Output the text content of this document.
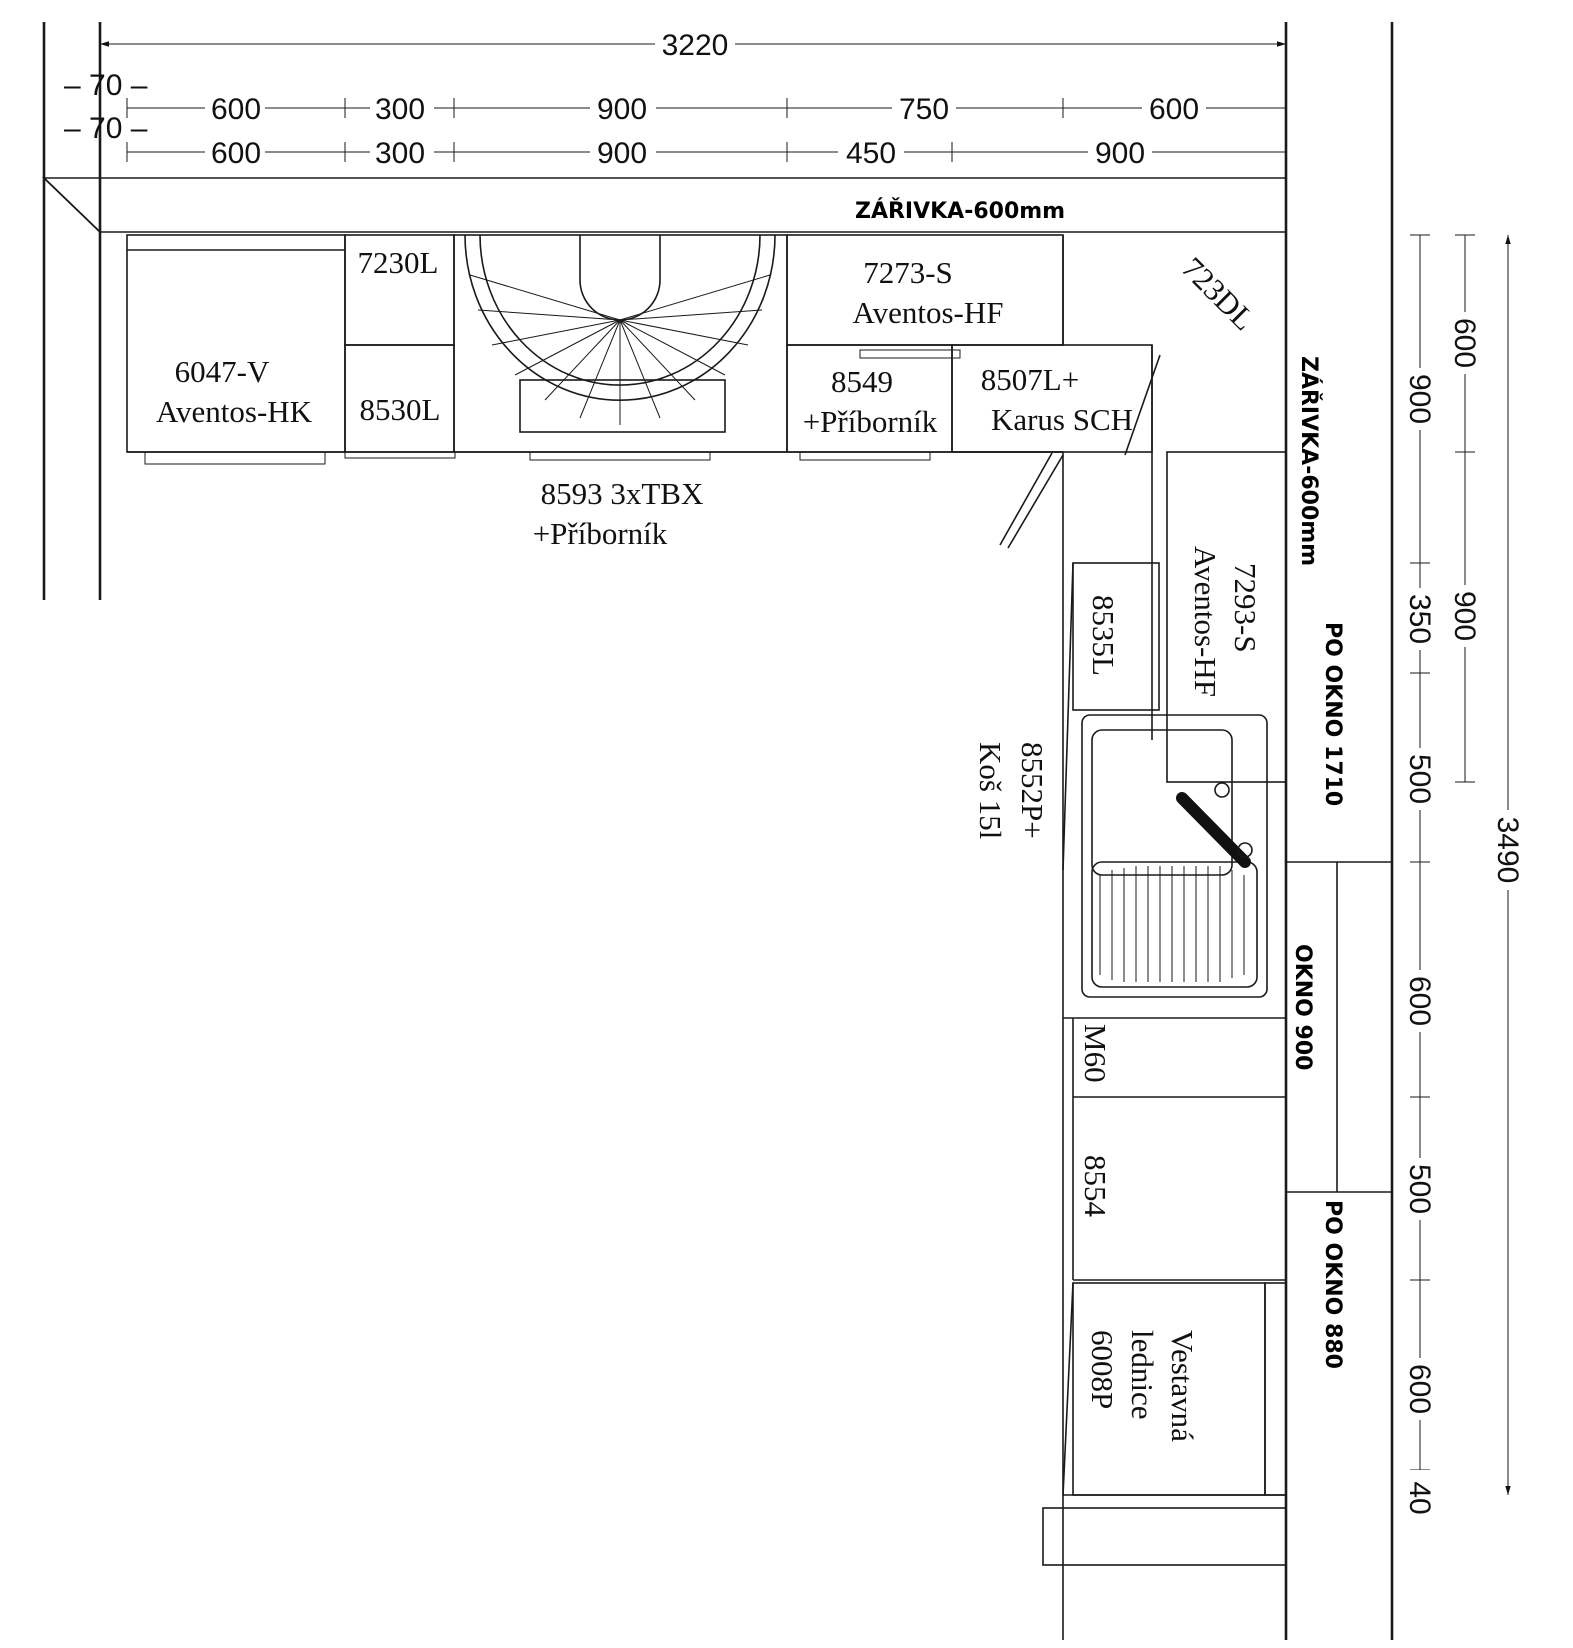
3220
– 70 –
– 70 –
600	300	900	750	600
600	300	900	450	900
600
900
900
350
500
600
500
600
40
3490
6047-V
Aventos-HK
7230L
8530L
7273-S
Aventos-HF
8549
+Příborník
8507L+
Karus SCH
723DL
8593 3xTBX
+Příborník
8535L	7293-S
Aventos-HF
8552P+
Koš 15l
M60
8554
Vestavná
lednice
6008P
ZÁŘIVKA-600mm
ZÁŘIVKA-600mm
PO OKNO 1710
OKNO 900
PO OKNO 880
